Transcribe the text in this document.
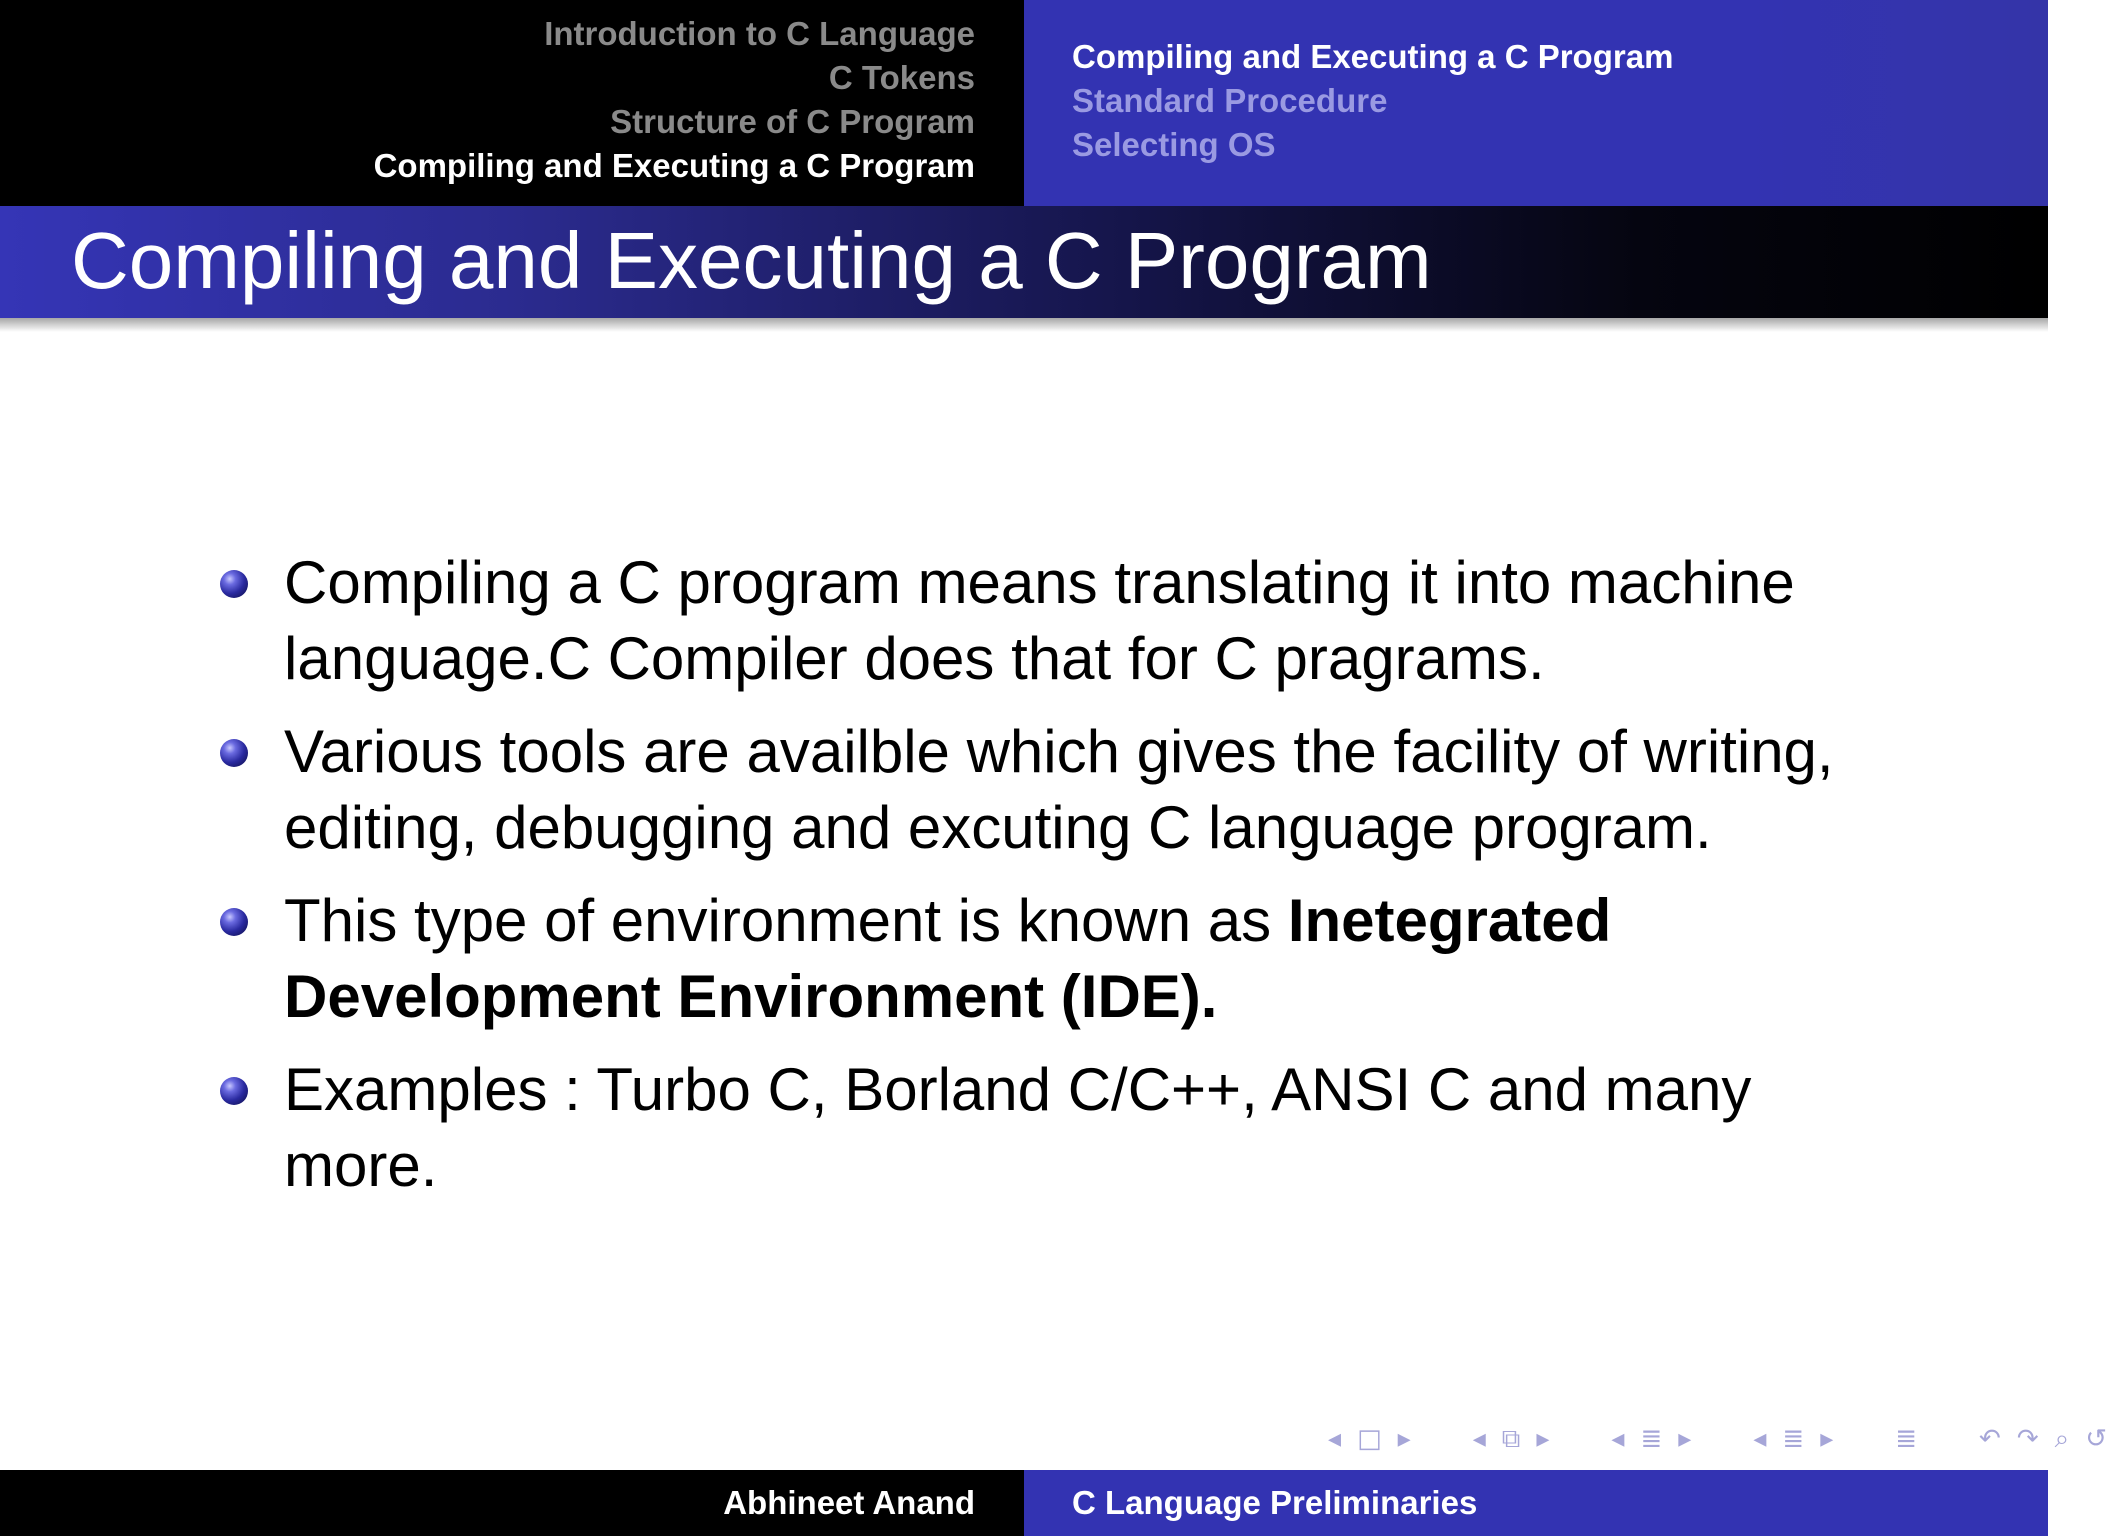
Introduction to C Language
C Tokens
Structure of C Program
Compiling and Executing a C Program
Compiling and Executing a C Program
Standard Procedure
Selecting OS
Compiling and Executing a C Program
Compiling a C program means translating it into machine language.C Compiler does that for C pragrams.
Various tools are availble which gives the facility of writing, editing, debugging and excuting C language program.
This type of environment is known as Inetegrated Development Environment (IDE).
Examples : Turbo C, Borland C/C++, ANSI C and many more.
◂ □ ▸ ◂ ⧉ ▸ ◂ ≣ ▸ ◂ ≣ ▸ ≣ ↶ ↷ ⌕ ↺
Abhineet Anand	C Language Preliminaries
